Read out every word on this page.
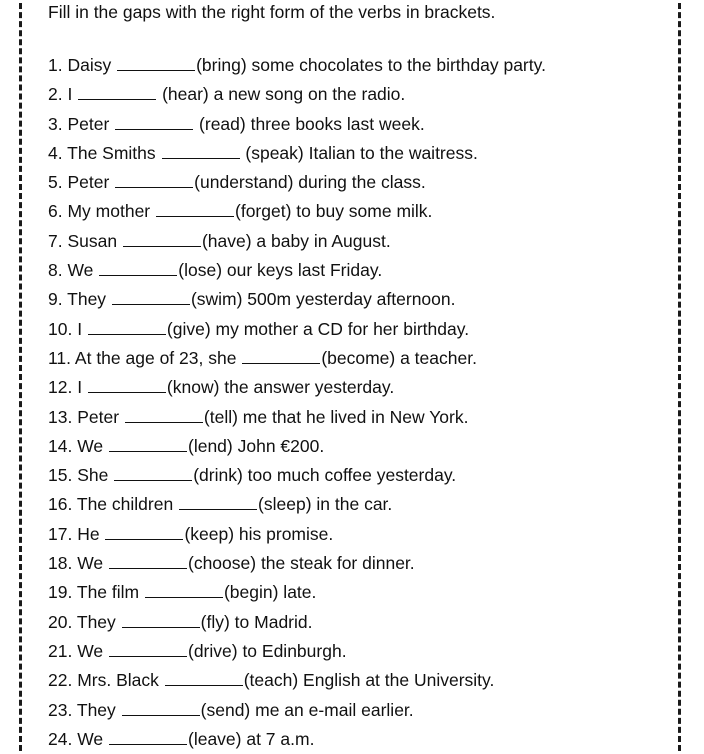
Fill in the gaps with the right form of the verbs in brackets.
1. Daisy	(bring) some chocolates to the birthday party.
2. I	(hear) a new song on the radio.
3. Peter	(read) three books last week.
4. The Smiths	(speak) Italian to the waitress.
5. Peter	(understand) during the class.
6. My mother	(forget) to buy some milk.
7. Susan	(have) a baby in August.
8. We	(lose) our keys last Friday.
9. They	(swim) 500m yesterday afternoon.
10. I	(give) my mother a CD for her birthday.
11. At the age of 23, she	(become) a teacher.
12. I	(know) the answer yesterday.
13. Peter	(tell) me that he lived in New York.
14. We	(lend) John €200.
15. She	(drink) too much coffee yesterday.
16. The children	(sleep) in the car.
17. He	(keep) his promise.
18. We	(choose) the steak for dinner.
19. The film	(begin) late.
20. They	(fly) to Madrid.
21. We	(drive) to Edinburgh.
22. Mrs. Black	(teach) English at the University.
23. They	(send) me an e-mail earlier.
24. We	(leave) at 7 a.m.
